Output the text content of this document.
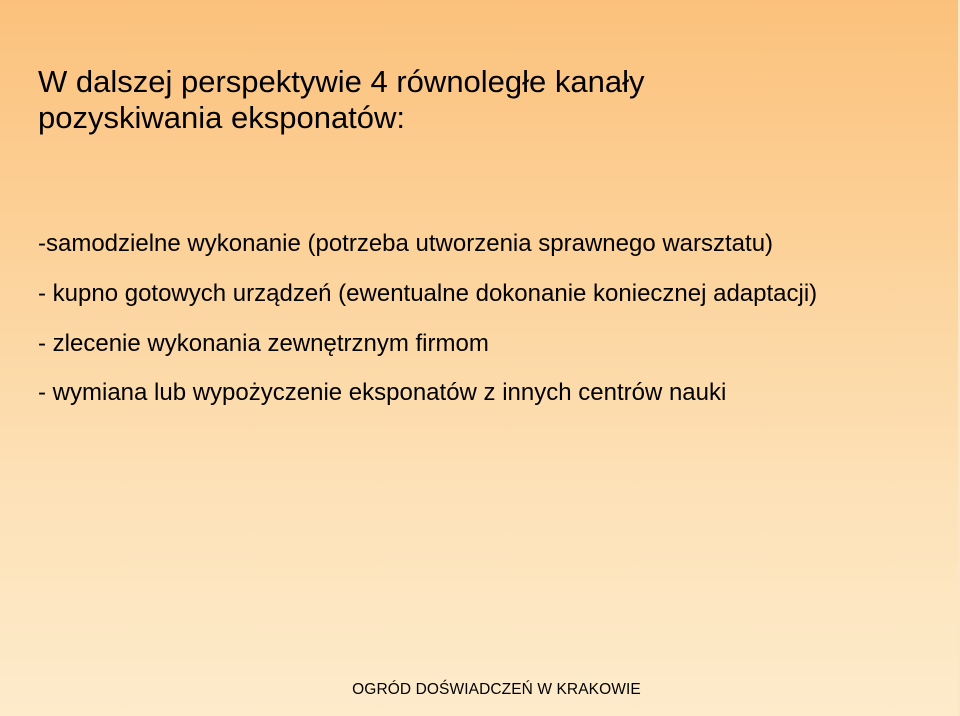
W dalszej perspektywie 4 równoległe kanały
pozyskiwania eksponatów:
-samodzielne wykonanie (potrzeba utworzenia sprawnego warsztatu)
- kupno gotowych urządzeń (ewentualne dokonanie koniecznej adaptacji)
- zlecenie wykonania zewnętrznym firmom
- wymiana lub wypożyczenie eksponatów z innych centrów nauki
OGRÓD DOŚWIADCZEŃ W KRAKOWIE
